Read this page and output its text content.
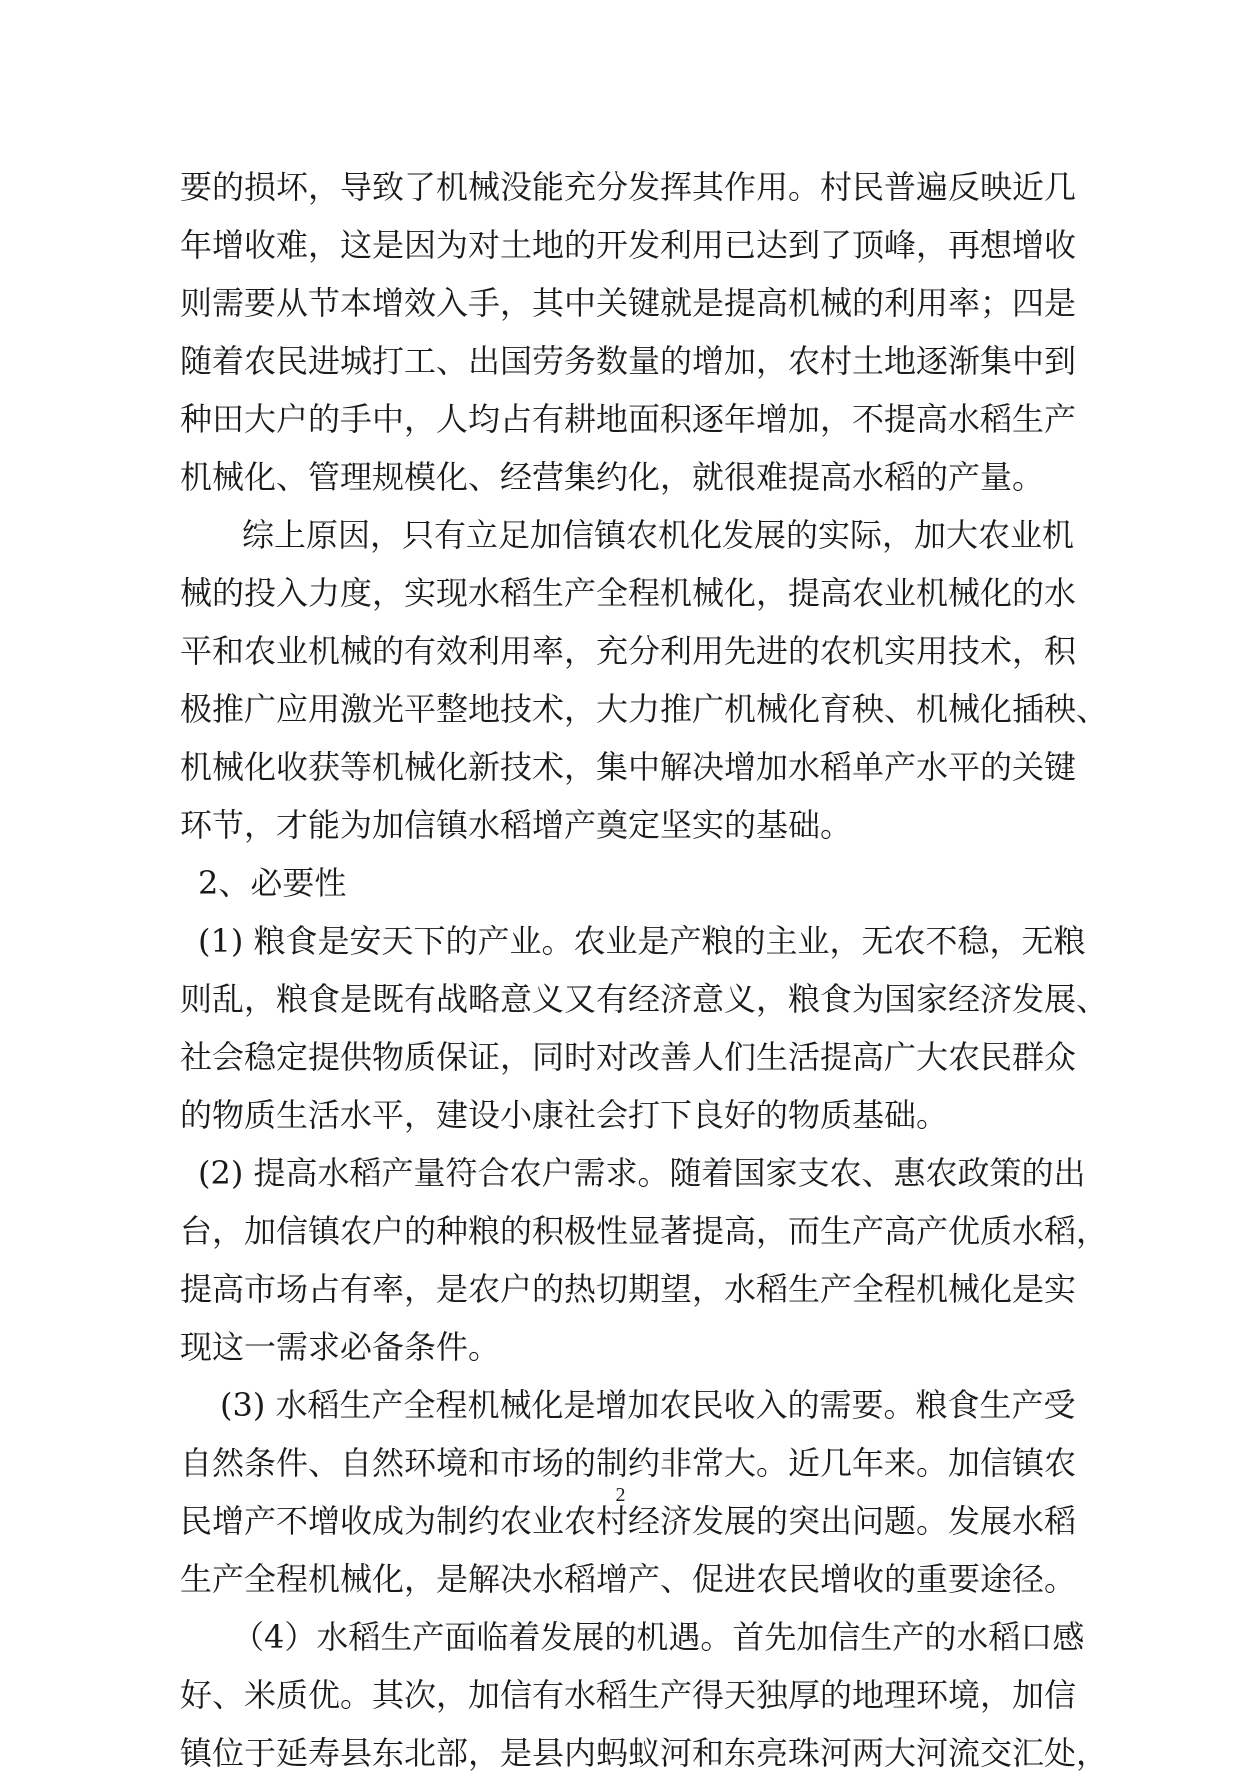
要的损坏，导致了机械没能充分发挥其作用。村民普遍反映近几
年增收难，这是因为对土地的开发利用已达到了顶峰，再想增收
则需要从节本增效入手，其中关键就是提高机械的利用率；四是
随着农民进城打工、出国劳务数量的增加，农村土地逐渐集中到
种田大户的手中，人均占有耕地面积逐年增加，不提高水稻生产
机械化、管理规模化、经营集约化，就很难提高水稻的产量。
综上原因，只有立足加信镇农机化发展的实际，加大农业机
械的投入力度，实现水稻生产全程机械化，提高农业机械化的水
平和农业机械的有效利用率，充分利用先进的农机实用技术，积
极推广应用激光平整地技术，大力推广机械化育秧、机械化插秧、
机械化收获等机械化新技术，集中解决增加水稻单产水平的关键
环节，才能为加信镇水稻增产奠定坚实的基础。
2、必要性
(1) 粮食是安天下的产业。农业是产粮的主业，无农不稳，无粮
则乱，粮食是既有战略意义又有经济意义，粮食为国家经济发展、
社会稳定提供物质保证，同时对改善人们生活提高广大农民群众
的物质生活水平，建设小康社会打下良好的物质基础。
(2) 提高水稻产量符合农户需求。随着国家支农、惠农政策的出
台，加信镇农户的种粮的积极性显著提高，而生产高产优质水稻，
提高市场占有率，是农户的热切期望，水稻生产全程机械化是实
现这一需求必备条件。
(3) 水稻生产全程机械化是增加农民收入的需要。粮食生产受
自然条件、自然环境和市场的制约非常大。近几年来。加信镇农
民增产不增收成为制约农业农村经济发展的突出问题。发展水稻
生产全程机械化，是解决水稻增产、促进农民增收的重要途径。
（4）水稻生产面临着发展的机遇。首先加信生产的水稻口感
好、米质优。其次，加信有水稻生产得天独厚的地理环境，加信
镇位于延寿县东北部，是县内蚂蚁河和东亮珠河两大河流交汇处，
2
